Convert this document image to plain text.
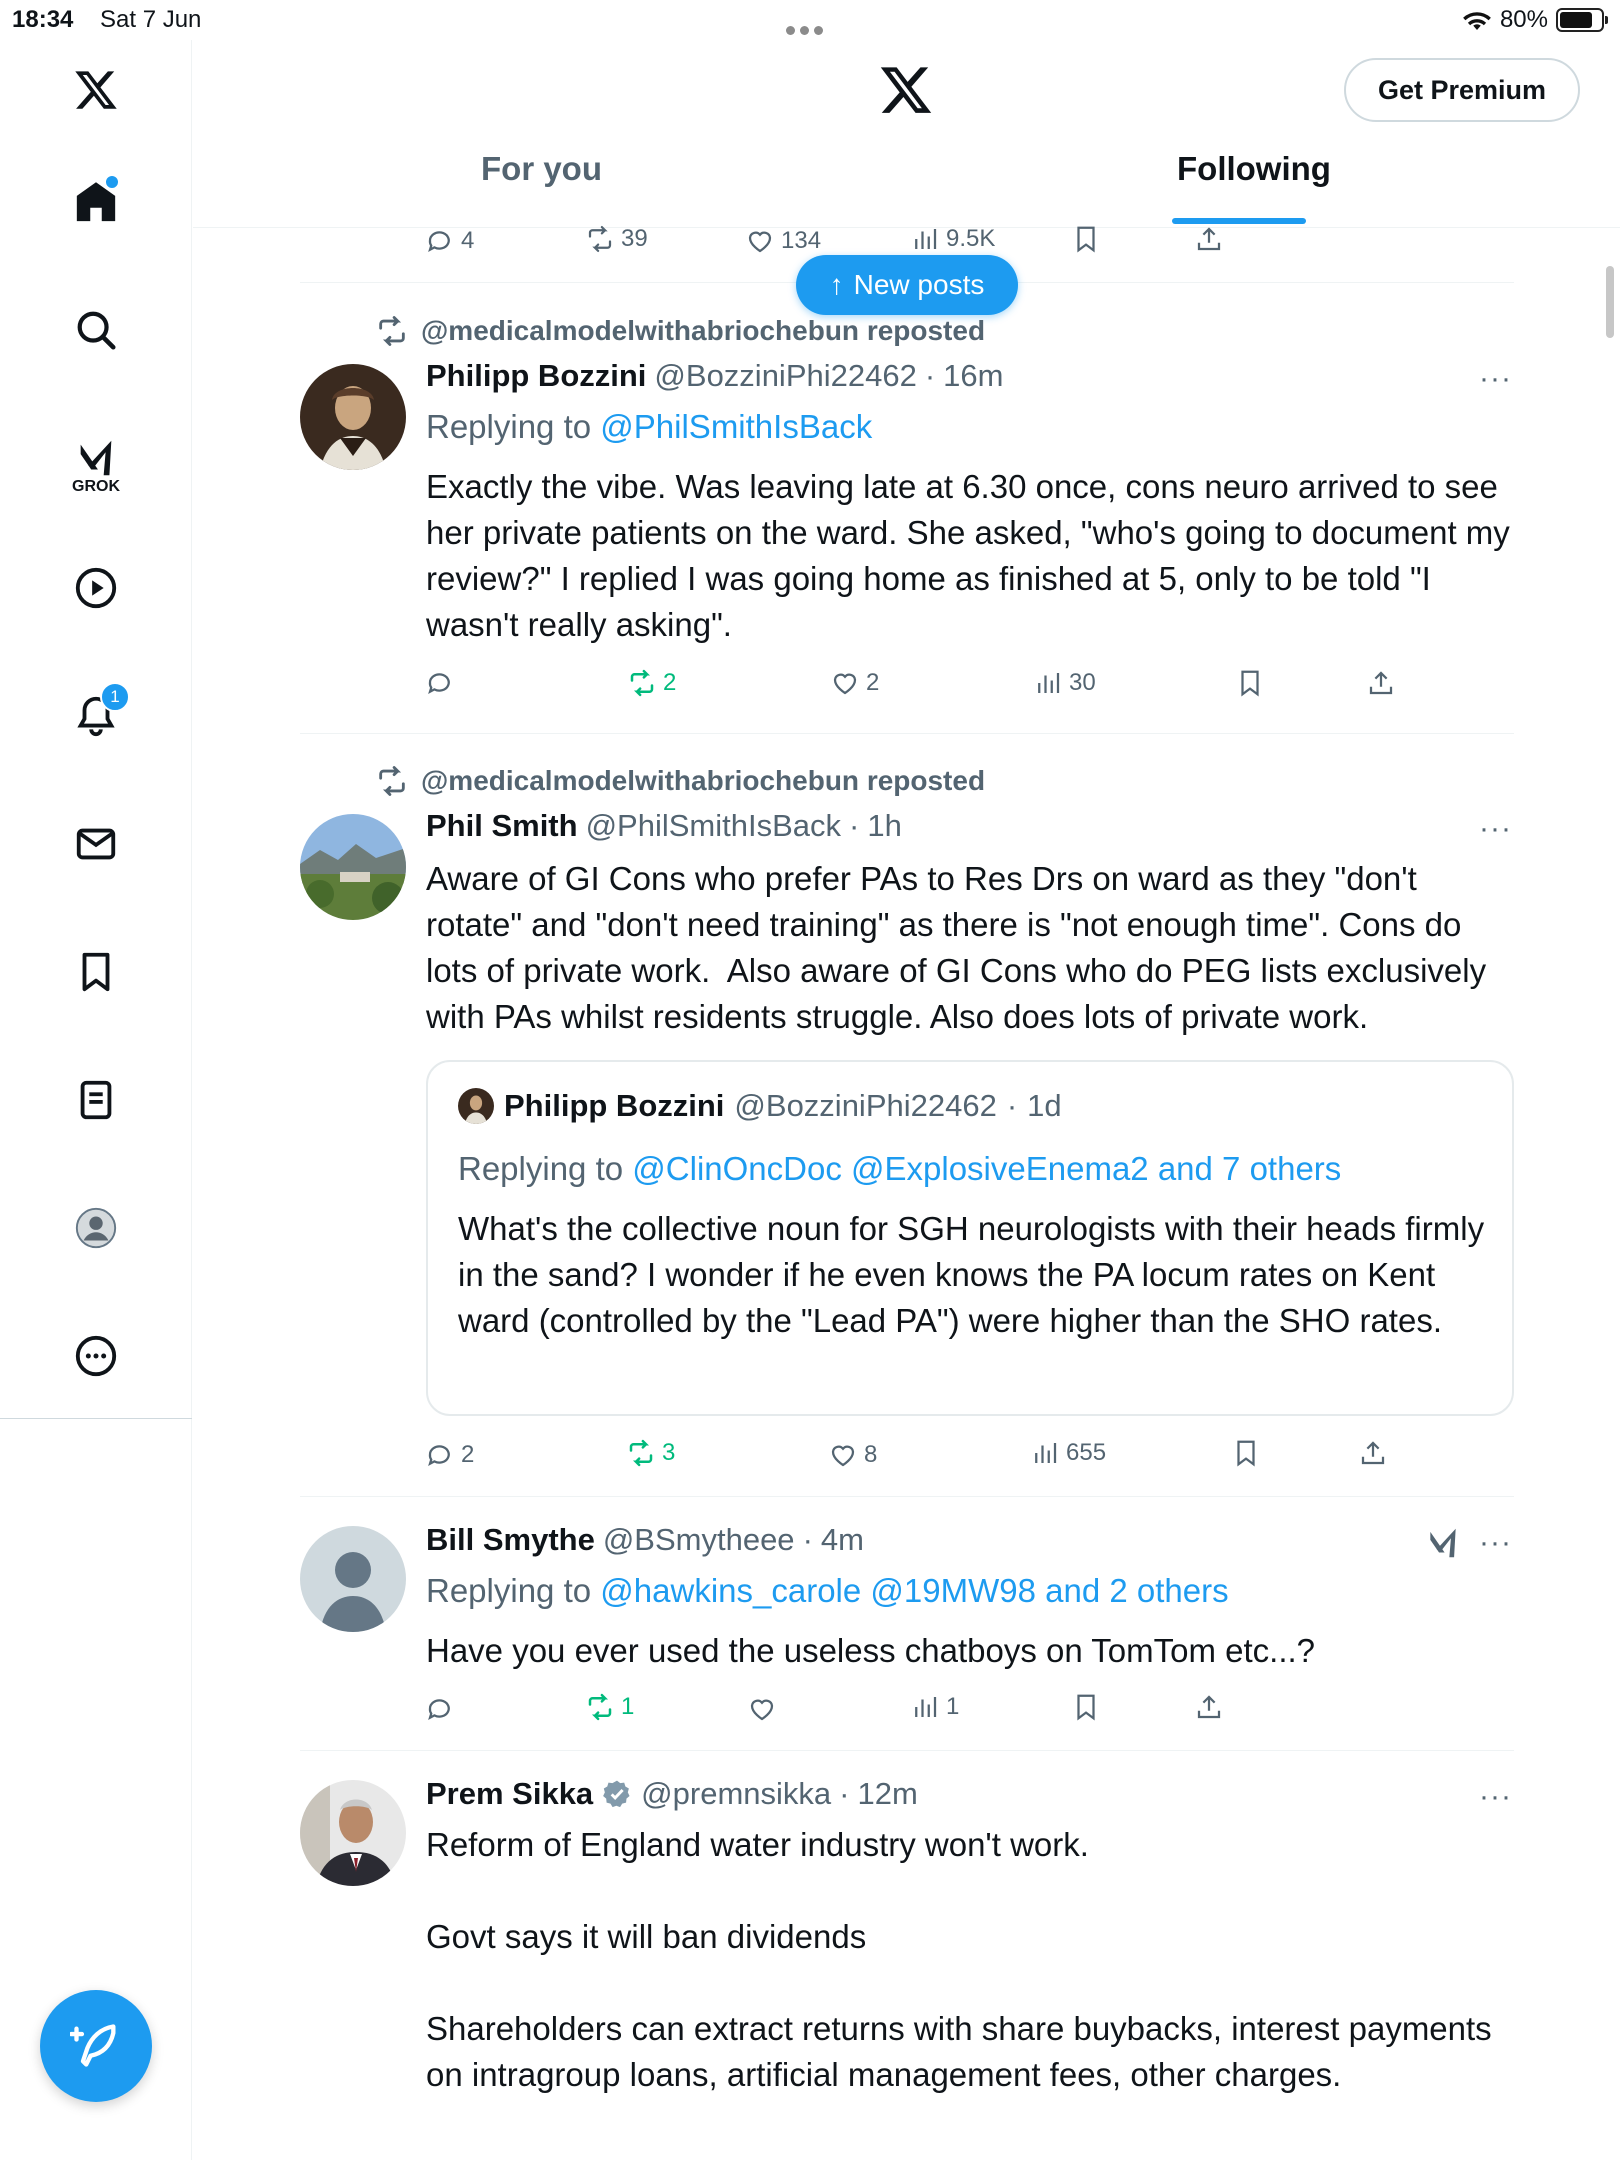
18:34 Sat 7 Jun	80%
GROK
1
Get Premium
For you	Following
4	39	134	9.5K
↑ New posts
@medicalmodelwithabriochebun reposted
Philipp Bozzini @BozziniPhi22462 · 16m	···
Replying to @PhilSmithIsBack
Exactly the vibe. Was leaving late at 6.30 once, cons neuro arrived to see her private patients on the ward. She asked, "who's going to document my review?" I replied I was going home as finished at 5, only to be told "I wasn't really asking".
2	2	30
@medicalmodelwithabriochebun reposted
Phil Smith @PhilSmithIsBack · 1h	···
Aware of GI Cons who prefer PAs to Res Drs on ward as they "don't rotate" and "don't need training" as there is "not enough time". Cons do lots of private work.  Also aware of GI Cons who do PEG lists exclusively with PAs whilst residents struggle. Also does lots of private work.
Philipp Bozzini @BozziniPhi22462 · 1d
Replying to @ClinOncDoc @ExplosiveEnema2 and 7 others
What's the collective noun for SGH neurologists with their heads firmly in the sand? I wonder if he even knows the PA locum rates on Kent ward (controlled by the "Lead PA") were higher than the SHO rates.
2	3	8	655
Bill Smythe @BSmytheee · 4m	···
Replying to @hawkins_carole @19MW98 and 2 others
Have you ever used the useless chatboys on TomTom etc...?
1	1
Prem Sikka @premnsikka · 12m	···
Reform of England water industry won't work.

Govt says it will ban dividends

Shareholders can extract returns with share buybacks, interest payments on intragroup loans, artificial management fees, other charges.
